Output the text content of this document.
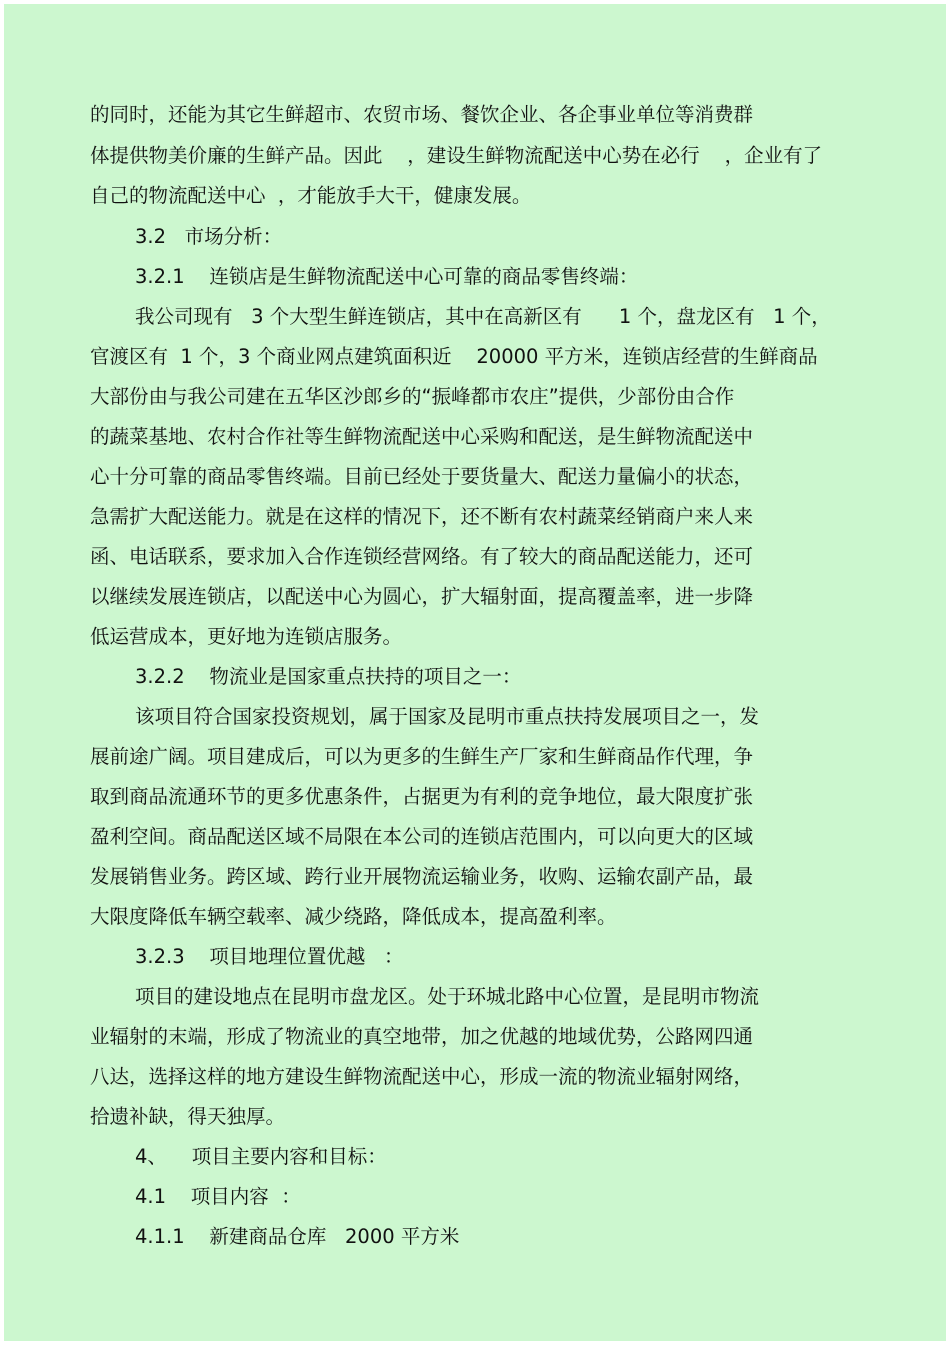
的同时，还能为其它生鲜超市、农贸市场、餐饮企业、各企事业单位等消费群
体提供物美价廉的生鲜产品。因此    ，建设生鲜物流配送中心势在必行    ，企业有了
自己的物流配送中心  ，才能放手大干，健康发展。
3.2   市场分析：
3.2.1    连锁店是生鲜物流配送中心可靠的商品零售终端：
我公司现有   3 个大型生鲜连锁店，其中在高新区有      1 个，盘龙区有   1 个，
官渡区有  1 个，3 个商业网点建筑面积近    20000 平方米，连锁店经营的生鲜商品
大部份由与我公司建在五华区沙郎乡的“振峰都市农庄”提供，少部份由合作
的蔬菜基地、农村合作社等生鲜物流配送中心采购和配送，是生鲜物流配送中
心十分可靠的商品零售终端。目前已经处于要货量大、配送力量偏小的状态，
急需扩大配送能力。就是在这样的情况下，还不断有农村蔬菜经销商户来人来
函、电话联系，要求加入合作连锁经营网络。有了较大的商品配送能力，还可
以继续发展连锁店，以配送中心为圆心，扩大辐射面，提高覆盖率，进一步降
低运营成本，更好地为连锁店服务。
3.2.2    物流业是国家重点扶持的项目之一：
该项目符合国家投资规划，属于国家及昆明市重点扶持发展项目之一，发
展前途广阔。项目建成后，可以为更多的生鲜生产厂家和生鲜商品作代理，争
取到商品流通环节的更多优惠条件，占据更为有利的竞争地位，最大限度扩张
盈利空间。商品配送区域不局限在本公司的连锁店范围内，可以向更大的区域
发展销售业务。跨区域、跨行业开展物流运输业务，收购、运输农副产品，最
大限度降低车辆空载率、减少绕路，降低成本，提高盈利率。
3.2.3    项目地理位置优越   ：
项目的建设地点在昆明市盘龙区。处于环城北路中心位置，是昆明市物流
业辐射的末端，形成了物流业的真空地带，加之优越的地域优势，公路网四通
八达，选择这样的地方建设生鲜物流配送中心，形成一流的物流业辐射网络，
拾遗补缺，得天独厚。
4、    项目主要内容和目标：
4.1    项目内容  ：
4.1.1    新建商品仓库   2000 平方米
